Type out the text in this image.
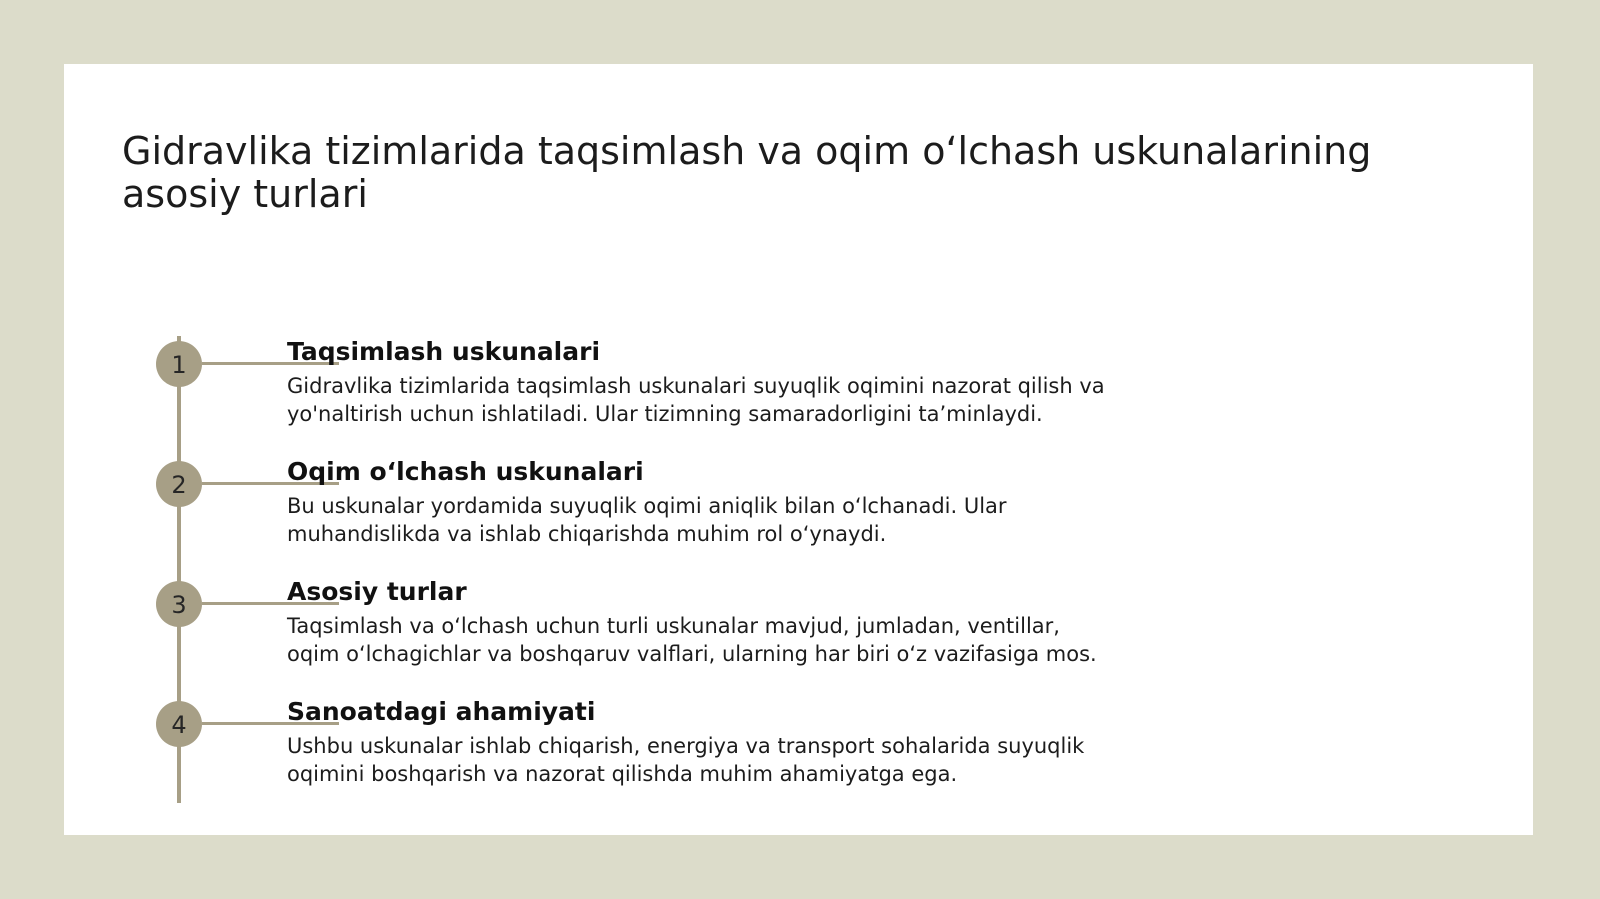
Gidravlika tizimlarida taqsimlash va oqim o‘lchash uskunalarining asosiy turlari
1	Taqsimlash uskunalari

Gidravlika tizimlarida taqsimlash uskunalari suyuqlik oqimini nazorat qilish va yo'naltirish uchun ishlatiladi. Ular tizimning samaradorligini ta’minlaydi.

2	Oqim o‘lchash uskunalari

Bu uskunalar yordamida suyuqlik oqimi aniqlik bilan o‘lchanadi. Ular muhandislikda va ishlab chiqarishda muhim rol o‘ynaydi.

3	Asosiy turlar

Taqsimlash va o‘lchash uchun turli uskunalar mavjud, jumladan, ventillar, oqim o‘lchagichlar va boshqaruv valflari, ularning har biri o‘z vazifasiga mos.

4	Sanoatdagi ahamiyati

Ushbu uskunalar ishlab chiqarish, energiya va transport sohalarida suyuqlik oqimini boshqarish va nazorat qilishda muhim ahamiyatga ega.
